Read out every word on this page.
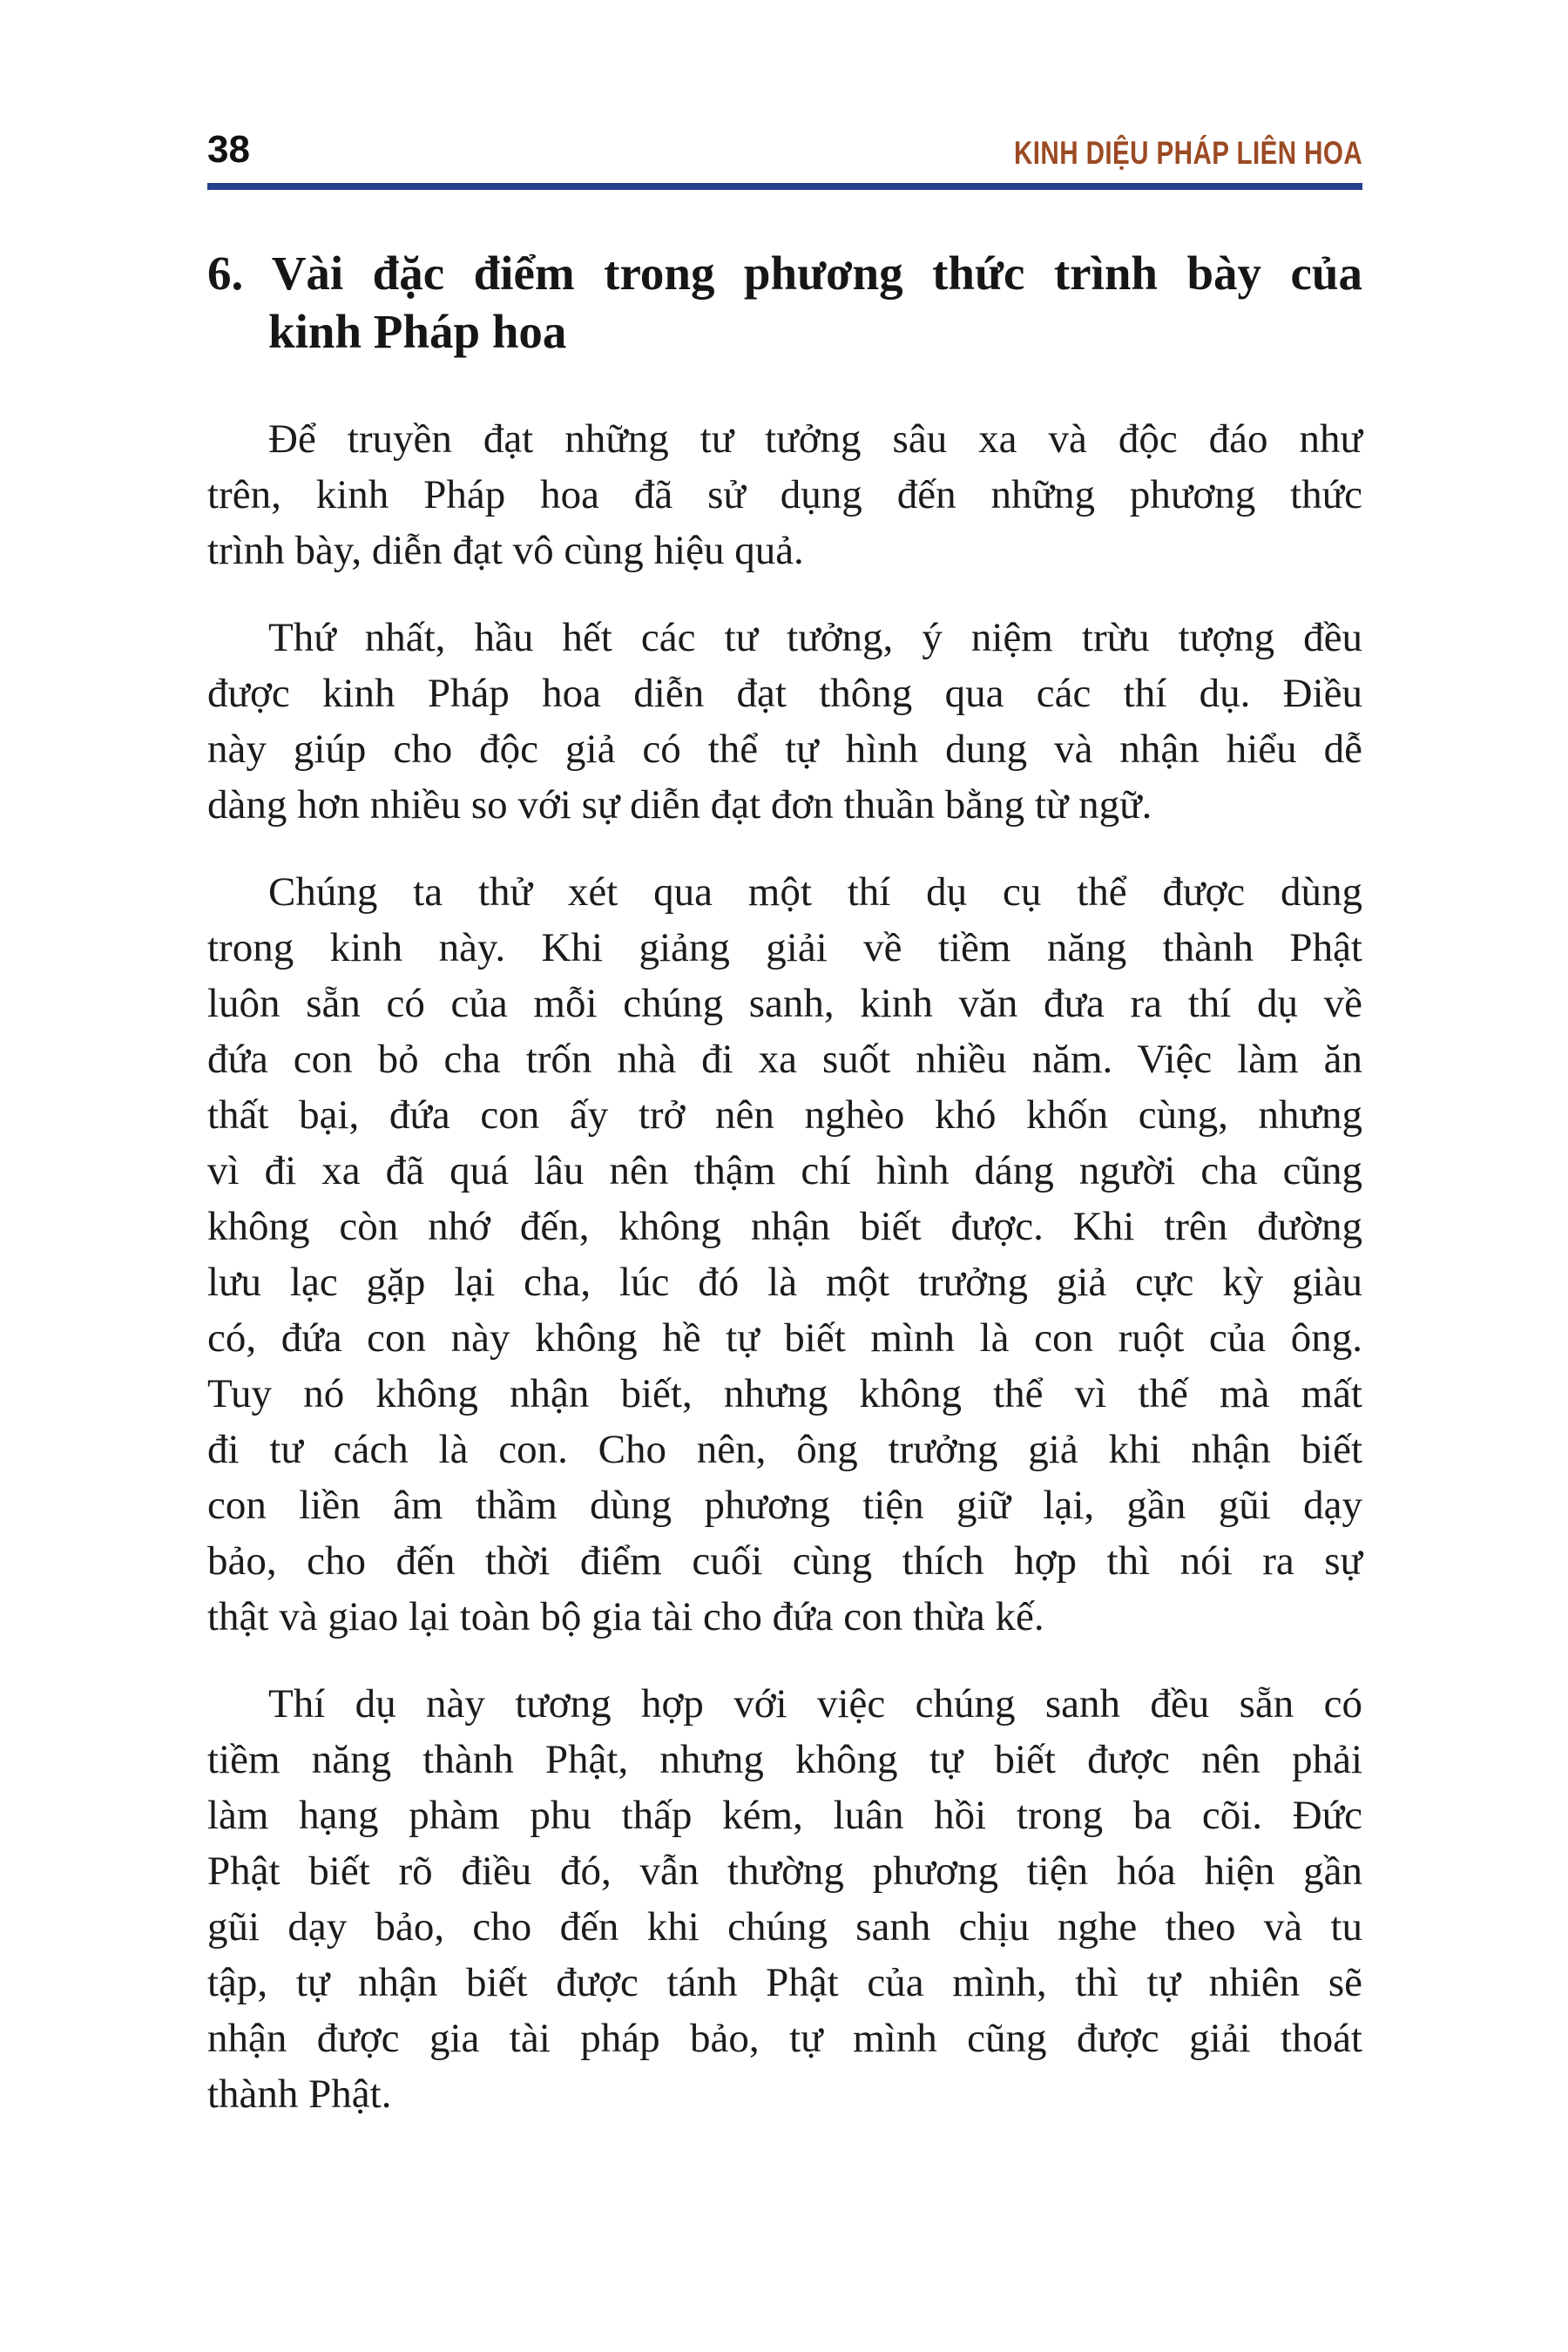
38	KINH DIỆU PHÁP LIÊN HOA
6. Vài đặc điểm trong phương thức trình bày của
kinh Pháp hoa
Để truyền đạt những tư tưởng sâu xa và độc đáo như
trên, kinh Pháp hoa đã sử dụng đến những phương thức
trình bày, diễn đạt vô cùng hiệu quả.
Thứ nhất, hầu hết các tư tưởng, ý niệm trừu tượng đều
được kinh Pháp hoa diễn đạt thông qua các thí dụ. Điều
này giúp cho độc giả có thể tự hình dung và nhận hiểu dễ
dàng hơn nhiều so với sự diễn đạt đơn thuần bằng từ ngữ.
Chúng ta thử xét qua một thí dụ cụ thể được dùng
trong kinh này. Khi giảng giải về tiềm năng thành Phật
luôn sẵn có của mỗi chúng sanh, kinh văn đưa ra thí dụ về
đứa con bỏ cha trốn nhà đi xa suốt nhiều năm. Việc làm ăn
thất bại, đứa con ấy trở nên nghèo khó khốn cùng, nhưng
vì đi xa đã quá lâu nên thậm chí hình dáng người cha cũng
không còn nhớ đến, không nhận biết được. Khi trên đường
lưu lạc gặp lại cha, lúc đó là một trưởng giả cực kỳ giàu
có, đứa con này không hề tự biết mình là con ruột của ông.
Tuy nó không nhận biết, nhưng không thể vì thế mà mất
đi tư cách là con. Cho nên, ông trưởng giả khi nhận biết
con liền âm thầm dùng phương tiện giữ lại, gần gũi dạy
bảo, cho đến thời điểm cuối cùng thích hợp thì nói ra sự
thật và giao lại toàn bộ gia tài cho đứa con thừa kế.
Thí dụ này tương hợp với việc chúng sanh đều sẵn có
tiềm năng thành Phật, nhưng không tự biết được nên phải
làm hạng phàm phu thấp kém, luân hồi trong ba cõi. Đức
Phật biết rõ điều đó, vẫn thường phương tiện hóa hiện gần
gũi dạy bảo, cho đến khi chúng sanh chịu nghe theo và tu
tập, tự nhận biết được tánh Phật của mình, thì tự nhiên sẽ
nhận được gia tài pháp bảo, tự mình cũng được giải thoát
thành Phật.
